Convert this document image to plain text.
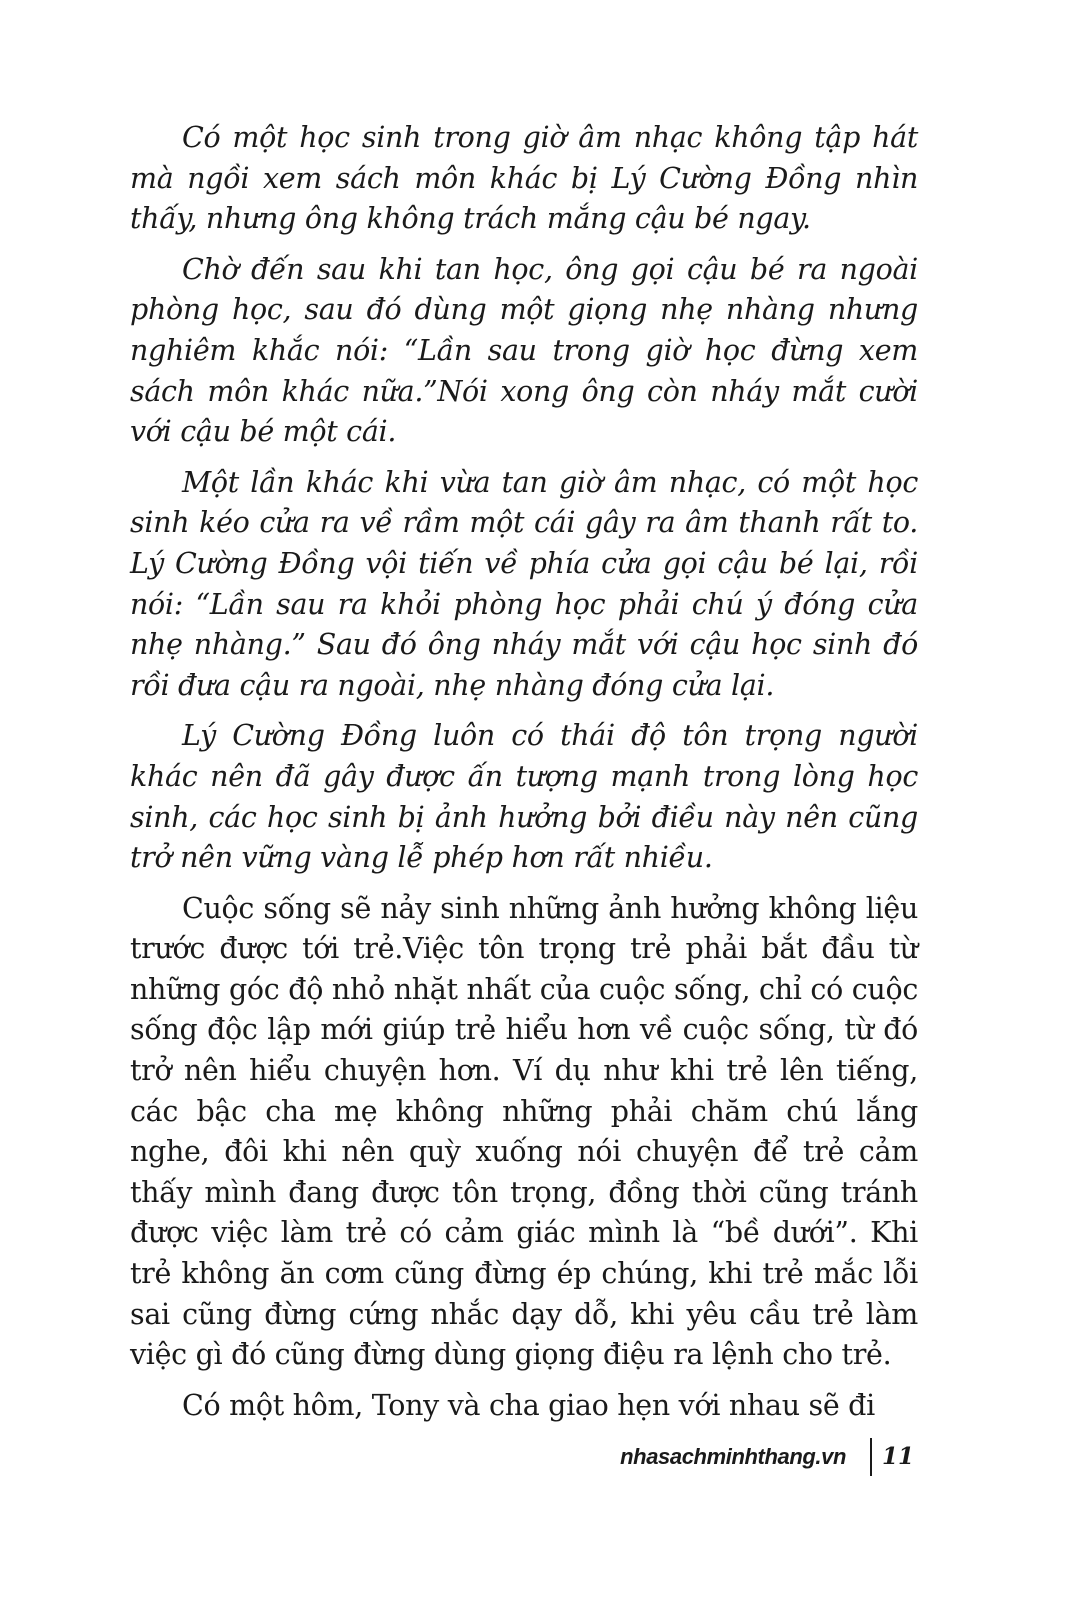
Có một học sinh trong giờ âm nhạc không tập hát mà ngồi xem sách môn khác bị Lý Cường Đồng nhìn thấy, nhưng ông không trách mắng cậu bé ngay.

Chờ đến sau khi tan học, ông gọi cậu bé ra ngoài phòng học, sau đó dùng một giọng nhẹ nhàng nhưng nghiêm khắc nói: “Lần sau trong giờ học đừng xem sách môn khác nữa.”Nói xong ông còn nháy mắt cười với cậu bé một cái.

Một lần khác khi vừa tan giờ âm nhạc, có một học sinh kéo cửa ra về rầm một cái gây ra âm thanh rất to. Lý Cường Đồng vội tiến về phía cửa gọi cậu bé lại, rồi nói: “Lần sau ra khỏi phòng học phải chú ý đóng cửa nhẹ nhàng.” Sau đó ông nháy mắt với cậu học sinh đó rồi đưa cậu ra ngoài, nhẹ nhàng đóng cửa lại.

Lý Cường Đồng luôn có thái độ tôn trọng người khác nên đã gây được ấn tượng mạnh trong lòng học sinh, các học sinh bị ảnh hưởng bởi điều này nên cũng trở nên vững vàng lễ phép hơn rất nhiều.

Cuộc sống sẽ nảy sinh những ảnh hưởng không liệu trước được tới trẻ.Việc tôn trọng trẻ phải bắt đầu từ những góc độ nhỏ nhặt nhất của cuộc sống, chỉ có cuộc sống độc lập mới giúp trẻ hiểu hơn về cuộc sống, từ đó trở nên hiểu chuyện hơn. Ví dụ như khi trẻ lên tiếng, các bậc cha mẹ không những phải chăm chú lắng nghe, đôi khi nên quỳ xuống nói chuyện để trẻ cảm thấy mình đang được tôn trọng, đồng thời cũng tránh được việc làm trẻ có cảm giác mình là “bề dưới”. Khi trẻ không ăn cơm cũng đừng ép chúng, khi trẻ mắc lỗi sai cũng đừng cứng nhắc dạy dỗ, khi yêu cầu trẻ làm việc gì đó cũng đừng dùng giọng điệu ra lệnh cho trẻ.

Có một hôm, Tony và cha giao hẹn với nhau sẽ đi

nhasachminhthang.vn 11
